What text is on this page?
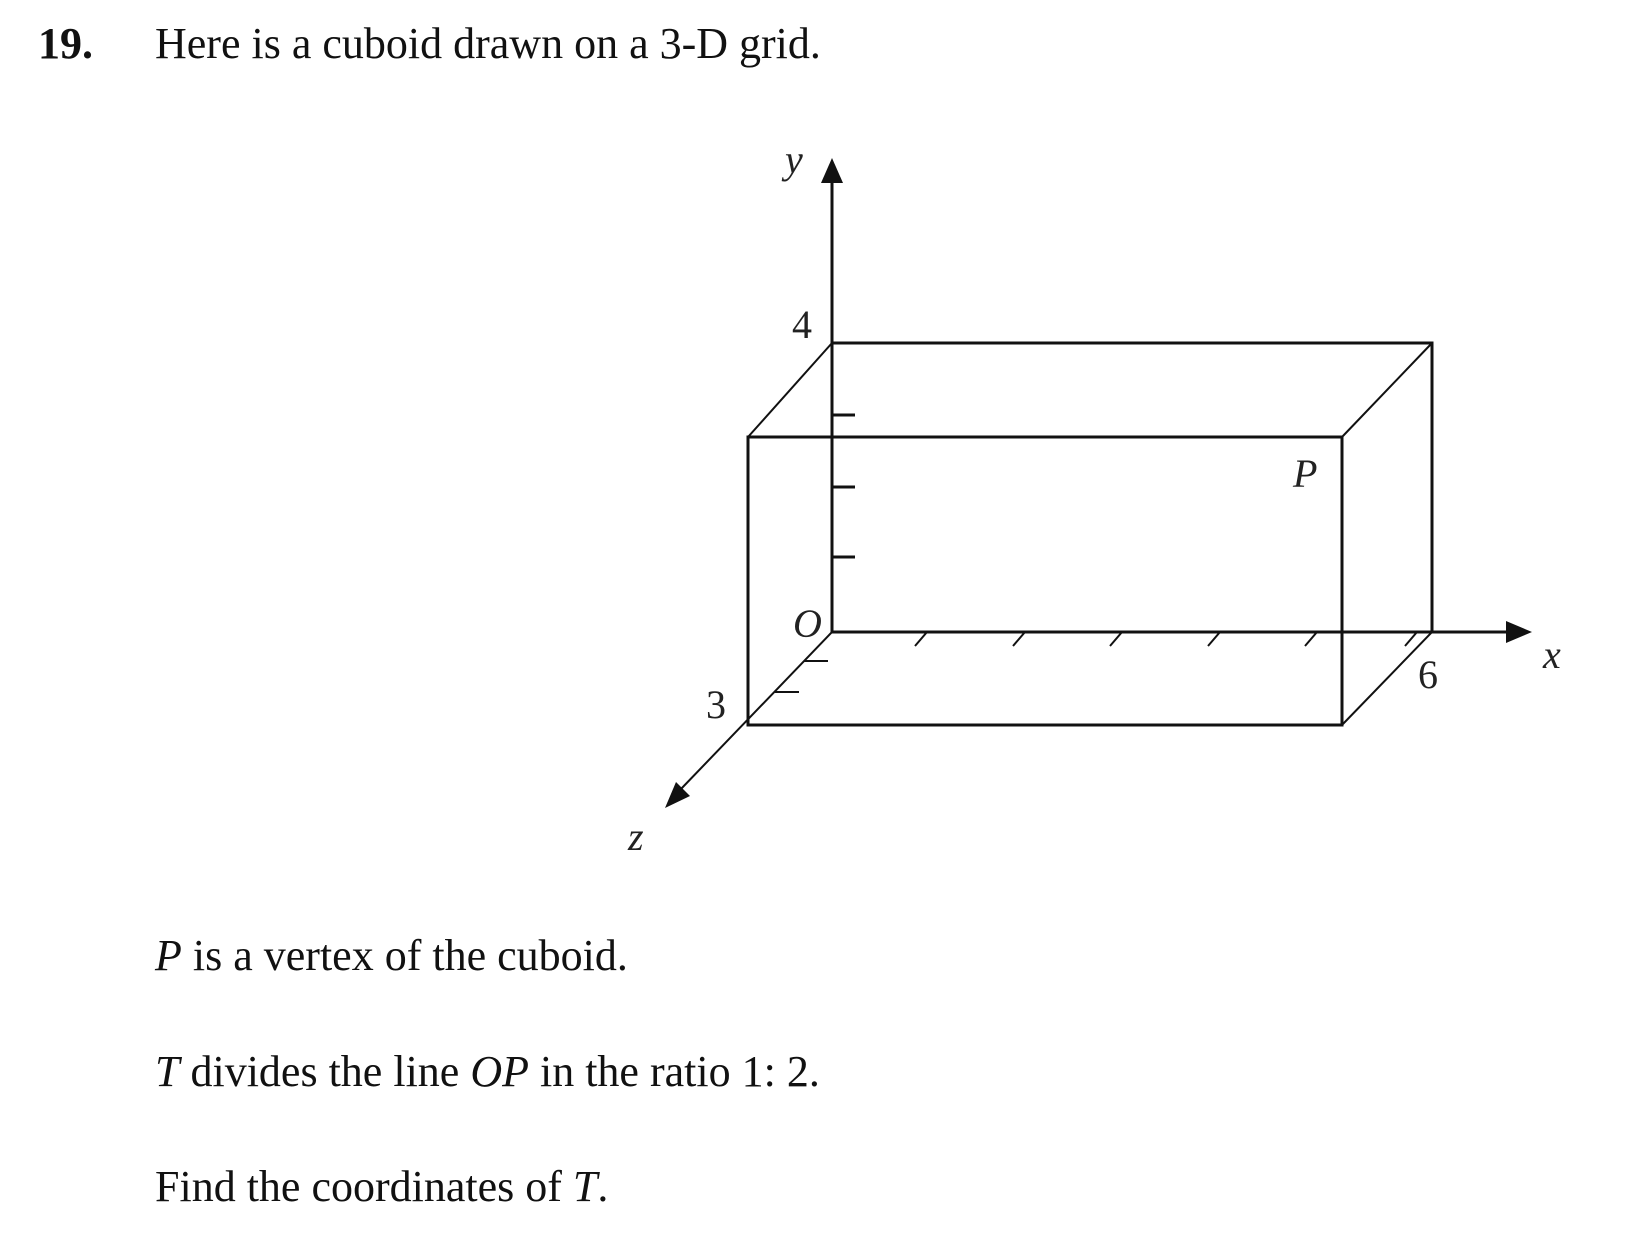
19. Here is a cuboid drawn on a 3-D grid.
y
x
z
O
P
4
6
3
P is a vertex of the cuboid.
T divides the line OP in the ratio 1: 2.
Find the coordinates of T.
